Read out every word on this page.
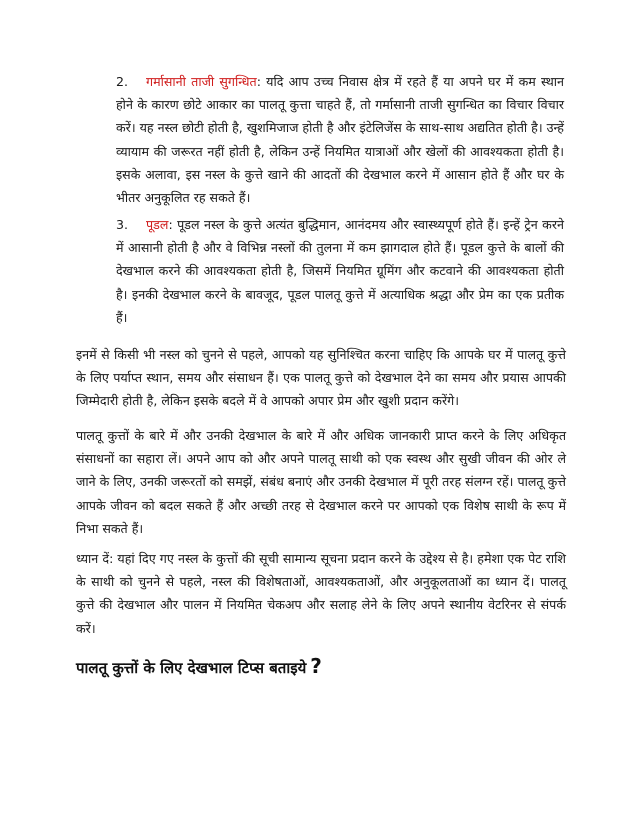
2. गर्मासानी ताजी सुगन्धित: यदि आप उच्च निवास क्षेत्र में रहते हैं या अपने घर में कम स्थान होने के कारण छोटे आकार का पालतू कुत्ता चाहते हैं, तो गर्मासानी ताजी सुगन्धित का विचार विचार करें। यह नस्ल छोटी होती है, खुशमिजाज होती है और इंटेलिजेंस के साथ-साथ अद्यतित होती है। उन्हें व्यायाम की जरूरत नहीं होती है, लेकिन उन्हें नियमित यात्राओं और खेलों की आवश्यकता होती है। इसके अलावा, इस नस्ल के कुत्ते खाने की आदतों की देखभाल करने में आसान होते हैं और घर के भीतर अनुकूलित रह सकते हैं।

3. पूडल: पूडल नस्ल के कुत्ते अत्यंत बुद्धिमान, आनंदमय और स्वास्थ्यपूर्ण होते हैं। इन्हें ट्रेन करने में आसानी होती है और वे विभिन्न नस्लों की तुलना में कम झागदाल होते हैं। पूडल कुत्ते के बालों की देखभाल करने की आवश्यकता होती है, जिसमें नियमित ग्रूमिंग और कटवाने की आवश्यकता होती है। इनकी देखभाल करने के बावजूद, पूडल पालतू कुत्ते में अत्याधिक श्रद्धा और प्रेम का एक प्रतीक हैं।

इनमें से किसी भी नस्ल को चुनने से पहले, आपको यह सुनिश्चित करना चाहिए कि आपके घर में पालतू कुत्ते के लिए पर्याप्त स्थान, समय और संसाधन हैं। एक पालतू कुत्ते को देखभाल देने का समय और प्रयास आपकी जिम्मेदारी होती है, लेकिन इसके बदले में वे आपको अपार प्रेम और खुशी प्रदान करेंगे।

पालतू कुत्तों के बारे में और उनकी देखभाल के बारे में और अधिक जानकारी प्राप्त करने के लिए अधिकृत संसाधनों का सहारा लें। अपने आप को और अपने पालतू साथी को एक स्वस्थ और सुखी जीवन की ओर ले जाने के लिए, उनकी जरूरतों को समझें, संबंध बनाएं और उनकी देखभाल में पूरी तरह संलग्न रहें। पालतू कुत्ते आपके जीवन को बदल सकते हैं और अच्छी तरह से देखभाल करने पर आपको एक विशेष साथी के रूप में निभा सकते हैं।

ध्यान दें: यहां दिए गए नस्ल के कुत्तों की सूची सामान्य सूचना प्रदान करने के उद्देश्य से है। हमेशा एक पेट राशि के साथी को चुनने से पहले, नस्ल की विशेषताओं, आवश्यकताओं, और अनुकूलताओं का ध्यान दें। पालतू कुत्ते की देखभाल और पालन में नियमित चेकअप और सलाह लेने के लिए अपने स्थानीय वेटरिनर से संपर्क करें।

पालतू कुत्तों के लिए देखभाल टिप्स बताइये ?
